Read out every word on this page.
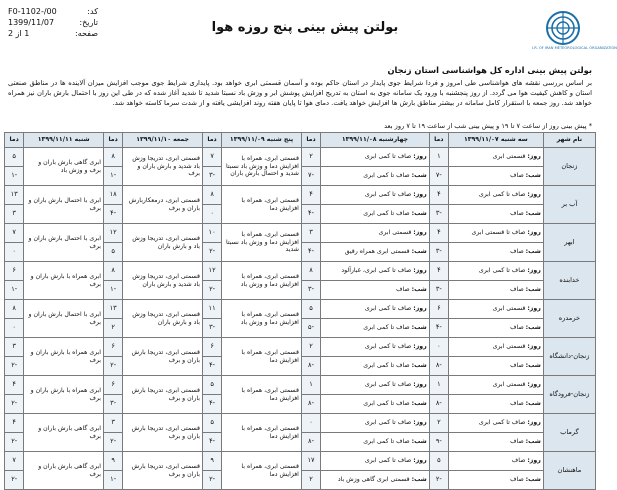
I.R. OF IRAN METEOROLOGICAL ORGANIZATION
بولتن پیش بینی پنج روزه هوا
کد:
F0-1102-/00
تاریخ:
1399/11/07
صفحه:
1 از 2
بولتن پیش بینی اداره کل هواشناسی استان زنجان
بر اساس بررسی نقشه های هواشناسی طی امروز و فردا شرایط جوی پایدار در استان حاکم بوده و آسمان قسمتی ابری خواهد بود. پایداری شرایط جوی موجب افزایش میزان آلاینده ها در مناطق صنعتی استان و کاهش کیفیت هوا می گردد. از روز پنجشنبه با ورود یک سامانه جوی به استان به تدریج افزایش پوشش ابر و وزش باد نسبتا شدید تا شدید آغاز شده که در طی این روز با احتمال بارش باران نیز همراه خواهد شد. روز جمعه با استقرار کامل سامانه در بیشتر مناطق بارش ها افزایش خواهد یافت. دمای هوا تا پایان هفته روند افزایشی یافته و از شدت سرما کاسته خواهد شد.
* پیش بینی روز از ساعت ۷ تا ۱۹ و پیش بینی شب از ساعت ۱۹ تا ۷ روز بعد
نام شهر	سه شنبه ۱۳۹۹/۱۱/۰۷	دما	چهارشنبه ۱۳۹۹/۱۱/۰۸	دما	پنج شنبه ۱۳۹۹/۱۱/۰۹	دما	جمعه ۱۳۹۹/۱۱/۱۰	دما	شنبه ۱۳۹۹/۱۱/۱۱	دما
زنجان	روز: قسمتی ابری	۱	روز: صاف تا کمی ابری	۲	قسمتی ابری، همراه با افزایش دما و وزش باد نسبتا شدید و احتمال بارش باران	۷	قسمتی ابری، تدریجا وزش باد شدید و بارش باران و برف	۸	ابری گاهی بارش باران و برف و وزش باد	۵
	شب: صاف	-۷	شب: صاف تا کمی ابری	-۷		-۳		-۱		-۱
آب بر	روز: صاف تا کمی ابری	۴	روز: صاف تا کمی ابری	۴	قسمتی ابری، همراه با افزایش دما	۸	قسمتی ابری، درمعکاربارش باران و برف	۱۸	ابری با احتمال بارش باران و برف	۱۳
	شب: صاف	-۳	شب: صاف تا کمی ابری	-۴		۰		-۴		۳
ابهر	روز: صاف تا قسمتی ابری	۴	روز: قسمتی ابری	۳	قسمتی ابری، همراه با افزایش دما و وزش باد نسبتا شدید	۱۰	قسمتی ابری، تدریجا وزش باد و بارش باران	۱۲	ابری با احتمال بارش باران و برف	۷
	شب: صاف	-۳	شب: قسمتی ابری همراه رقیق	-۴		-۲		۵		۰
خدابنده	روز: صاف تا کمی ابری	۴	روز: صاف تا کمی ابری، غبارآلود	۸	قسمتی ابری، همراه با افزایش دما و وزش باد	۱۲	قسمتی ابری، تدریجا وزش باد شدید و بارش باران	۸	ابری همراه با بارش باران و برف	۶
	شب: صاف	-۳	شب: صاف	-۳		-۲		-۱		-۱
خرمدره	روز: قسمتی ابری	۶	روز: صاف تا کمی ابری	۵	قسمتی ابری، همراه با افزایش دما و وزش باد	۱۱	قسمتی ابری، تدریجا وزش باد و بارش باران	۱۳	ابری با احتمال بارش باران و برف	۸
	شب: صاف	-۴	شب: صاف تا کمی ابری	-۵		-۳		۲		۰
زنجان-دانشگاه	روز: قسمتی ابری	۰	روز: صاف تا کمی ابری	۲	قسمتی ابری، همراه با افزایش دما	۶	قسمتی ابری، تدریجا بارش باران و برف	۶	ابری همراه با بارش باران و برف	۳
	شب: صاف	-۸	شب: صاف تا کمی ابری	-۸		-۴		-۲		-۲
زنجان-فرودگاه	روز: قسمتی ابری	۱	روز: صاف تا کمی ابری	۱	قسمتی ابری، همراه با افزایش دما	۵	قسمتی ابری، تدریجا بارش باران و برف	۶	ابری همراه با بارش باران و برف	۴
	شب: صاف	-۸	شب: صاف تا کمی ابری	-۸		-۴		-۳		-۲
گرماب	روز: صاف تا کمی ابری	۲	روز: صاف تا کمی ابری	۰	قسمتی ابری، همراه با افزایش دما	۵	قسمتی ابری، تدریجا بارش باران و برف	۳	ابری گاهی بارش باران و برف	۴
	شب: صاف	-۹	شب: صاف تا کمی ابری	-۸		-۴		-۲		-۲
ماهنشان	روز: صاف	۵	روز: صاف تا کمی ابری	۱۷	قسمتی ابری، همراه با افزایش دما	۹	قسمتی ابری، تدریجا بارش باران و برف	۹	ابری گاهی بارش باران و برف	۷
	شب: صاف	-۲	شب: قسمتی ابری گاهی وزش باد	۲		-۲		-۱		-۲
